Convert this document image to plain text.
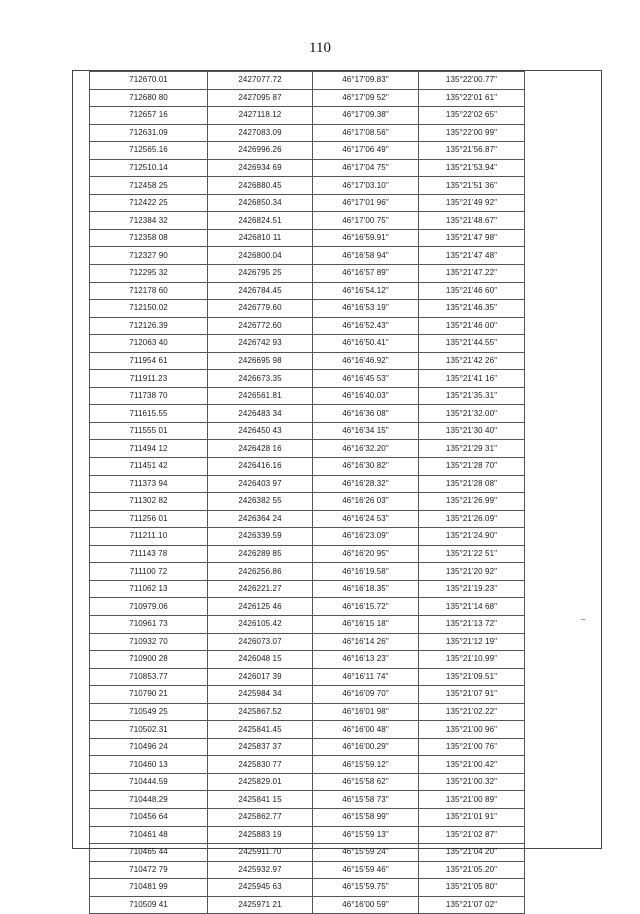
110
712670.01	2427077.72	46°17'09.83"	135°22'00.77"
712680 80	2427095 87	46°17'09 52"	135°22'01 61"
712657 16	2427118.12	46°17'09.38"	135°22'02 65"
712631.09	2427083.09	46°17'08.56"	135°22'00 99"
712565.16	2426996.26	46°17'06 49"	135°21'56.87"
712510.14	2426934 69	46°17'04 75"	135°21'53.94"
712458 25	2426880.45	46°17'03.10"	135°21'51 36"
712422 25	2426850.34	46°17'01 96"	135°21'49 92"
712384 32	2426824.51	46°17'00 75"	135°21'48.67"
712358 08	2426810 11	46°16'59.91"	135°21'47 98"
712327 90	2426800.04	46°16'58 94"	135°21'47 48"
712295 32	2426795 25	46°16'57 89"	135°21'47.22"
712178 60	2426784.45	46°16'54.12"	135°21'46 60"
712150.02	2426779.60	46°16'53 19"	135°21'46.35"
712126.39	2426772.60	46°16'52.43"	135°21'46 00"
712063 40	2426742 93	46°16'50.41"	135°21'44.55"
711954 61	2426695 98	46°16'46.92"	135°21'42 26"
711911.23	2426673.35	46°16'45 53"	135°21'41 16"
711738 70	2426561.81	46°16'40.03"	135°21'35.31"
711615.55	2426483 34	46°16'36 08"	135°21'32.00"
711555 01	2426450 43	46°16'34 15"	135°21'30 40"
711494 12	2426428 16	46°16'32.20"	135°21'29 31"
711451 42	2426416.16	46°16'30 82"	135°21'28 70"
711373 94	2426403 97	46°16'28.32"	135°21'28 08"
711302 82	2426382 55	46°16'26 03"	135°21'26.99"
711256 01	2426364 24	46°16'24 53"	135°21'26.09"
711211.10	2426339.59	46°16'23.09"	135°21'24.90"
711143 78	2426289 85	46°16'20 95"	135°21'22 51"
711100 72	2426256.86	46°16'19.58"	135°21'20 92"
711062 13	2426221.27	46°16'18.35"	135°21'19.23"
710979.06	2426125 46	46°16'15.72"	135°21'14 68"
710961 73	2426105.42	46°16'15 18"	135°21'13 72"
710932 70	2426073.07	46°16'14 26"	135°21'12 19"
710900 28	2426048 15	46°16'13 23"	135°21'10.99"
710853.77	2426017 39	46°16'11 74"	135°21'09.51"
710790 21	2425984 34	46°16'09 70"	135°21'07 91"
710549 25	2425867.52	46°16'01 98"	135°21'02.22"
710502.31	2425841.45	46°16'00 48"	135°21'00 96"
710496 24	2425837 37	46°16'00.29"	135°21'00 76"
710460 13	2425830 77	46°15'59.12"	135°21'00.42"
710444.59	2425829.01	46°15'58 62"	135°21'00.32"
710448.29	2425841 15	46°15'58 73"	135°21'00 89"
710456 64	2425862.77	46°15'58 99"	135°21'01 91"
710461 48	2425883 19	46°15'59 13"	135°21'02 87"
710465 44	2425911.70	46°15'59 24"	135°21'04 20"
710472 79	2425932.97	46°15'59 46"	135°21'05.20"
710481 99	2425945 63	46°15'59.75"	135°21'05 80"
710509 41	2425971 21	46°16'00 59"	135°21'07 02"
